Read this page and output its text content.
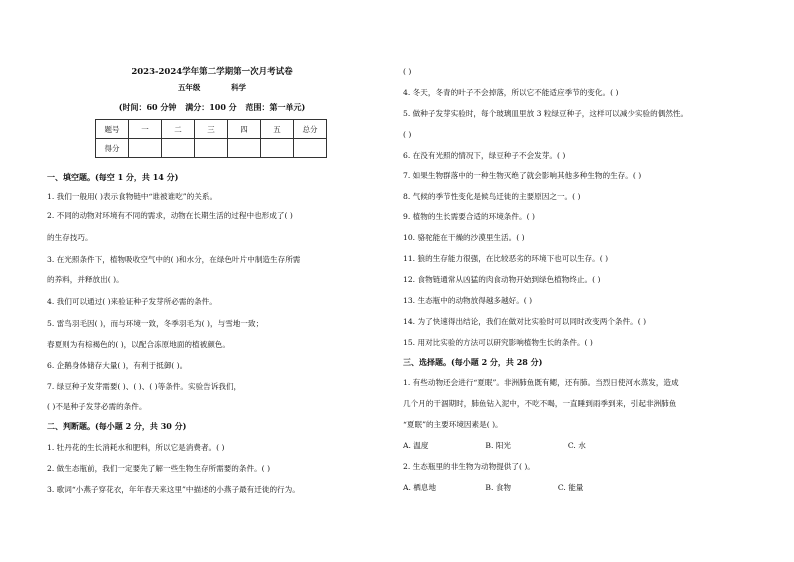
2023-2024学年第二学期第一次月考试卷
五年级	科学
(时间：60 分钟 满分：100 分 范围：第一单元)
题号	一	二	三	四	五	总分
得分						
一、填空题。(每空 1 分，共 14 分)
1. 我们一般用( )表示食物链中“谁被谁吃”的关系。
2. 不同的动物对环境有不同的需求，动物在长期生活的过程中也形成了( )
的生存技巧。
3. 在光照条件下，植物吸收空气中的( )和水分，在绿色叶片中制造生存所需
的养料，并释放出( )。
4. 我们可以通过( )来验证种子发芽所必需的条件。
5. 雷鸟羽毛因( )，而与环境一致，冬季羽毛为( )，与雪地一致；
春夏则为有棕褐色的( )，以配合冻原地面的植被颜色。
6. 企鹅身体储存大量( )，有利于抵御( )。
7. 绿豆种子发芽需要( )、( )、( )等条件。实验告诉我们，
( )不是种子发芽必需的条件。
二、判断题。(每小题 2 分，共 30 分)
1. 牡丹花的生长消耗水和肥料，所以它是消费者。( )
2. 做生态瓶前，我们一定要先了解一些生物生存所需要的条件。( )
3. 歌词“小燕子穿花衣，年年春天来这里”中描述的小燕子最有迁徙的行为。
( )
4. 冬天，冬青的叶子不会掉落，所以它不能适应季节的变化。( )
5. 做种子发芽实验时，每个玻璃皿里放 3 粒绿豆种子，这样可以减少实验的偶然性。
( )
6. 在没有光照的情况下，绿豆种子不会发芽。( )
7. 如果生物群落中的一种生物灭绝了就会影响其他多种生物的生存。( )
8. 气候的季节性变化是候鸟迁徙的主要原因之一。( )
9. 植物的生长需要合适的环境条件。( )
10. 骆驼能在干燥的沙漠里生活。( )
11. 狼的生存能力很强，在比较恶劣的环境下也可以生存。( )
12. 食物链通常从凶猛的肉食动物开始到绿色植物终止。( )
13. 生态瓶中的动物放得越多越好。( )
14. 为了快速得出结论，我们在做对比实验时可以同时改变两个条件。( )
15. 用对比实验的方法可以研究影响植物生长的条件。( )
三、选择题。(每小题 2 分，共 28 分)
1. 有些动物还会进行“夏眠”。非洲肺鱼既有鳃，还有肺。当烈日使河水蒸发，造成
几个月的干涸期时，肺鱼钻入泥中，不吃不喝，一直睡到雨季到来，引起非洲肺鱼
“夏眠”的主要环境因素是( )。
A. 温度	B. 阳光	C. 水
2. 生态瓶里的非生物为动物提供了( )。
A. 栖息地	B. 食物	C. 能量
